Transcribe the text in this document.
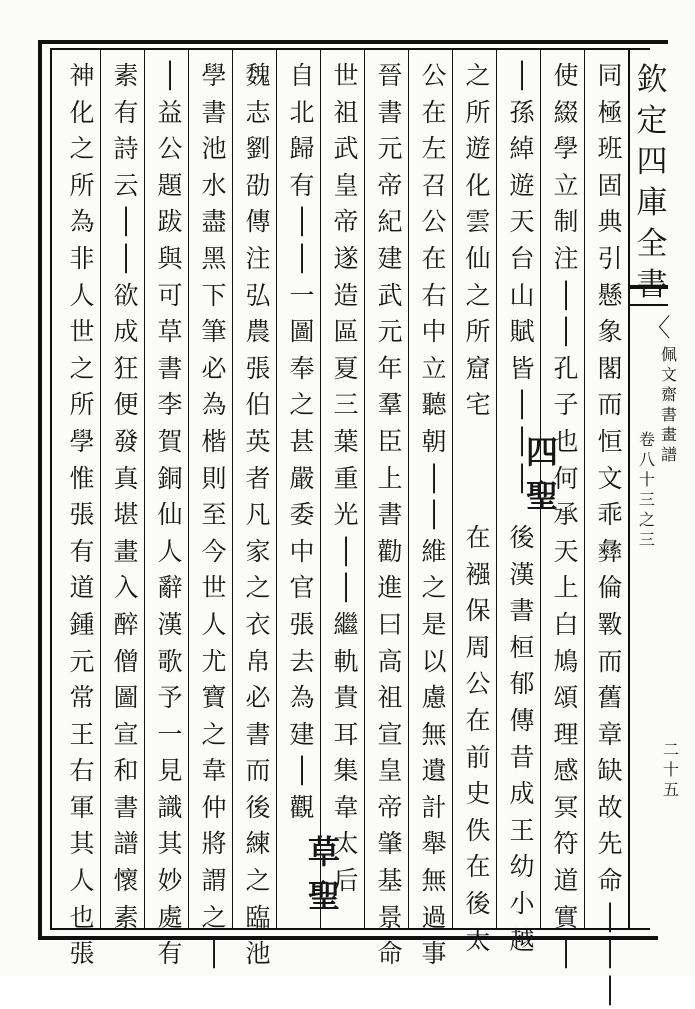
欽
定
四
庫
全
書
〈
佩
文
齋
書
畫
譜
卷
八
十
三
之
三
二
十
五
同
極
班
固
典
引
懸
象
閣
而
恒
文
乖
彝
倫
斁
而
舊
章
缺
故
先
命
│
│
│
使
綴
學
立
制
注
│
│
孔
子
也
何
承
天
上
白
鳩
頌
理
感
冥
符
道
實
│
│
孫
綽
遊
天
台
山
賦
皆
│
│
│
之
所
遊
化
雲
仙
之
所
窟
宅
四
聖
後
漢
書
桓
郁
傳
昔
成
王
幼
小
越
在
襁
保
周
公
在
前
史
佚
在
後
太
公
在
左
召
公
在
右
中
立
聽
朝
│
│
維
之
是
以
慮
無
遺
計
舉
無
過
事
晉
書
元
帝
紀
建
武
元
年
羣
臣
上
書
勸
進
曰
高
祖
宣
皇
帝
肇
基
景
命
世
祖
武
皇
帝
遂
造
區
夏
三
葉
重
光
│
│
繼
軌
貴
耳
集
韋
太
后
自
北
歸
有
│
│
一
圖
奉
之
甚
嚴
委
中
官
張
去
為
建
│
觀
草
聖
魏
志
劉
劭
傳
注
弘
農
張
伯
英
者
凡
家
之
衣
帛
必
書
而
後
練
之
臨
池
學
書
池
水
盡
黑
下
筆
必
為
楷
則
至
今
世
人
尤
寶
之
韋
仲
將
謂
之
│
│
益
公
題
跋
與
可
草
書
李
賀
銅
仙
人
辭
漢
歌
予
一
見
識
其
妙
處
有
素
有
詩
云
│
│
欲
成
狂
便
發
真
堪
畫
入
醉
僧
圖
宣
和
書
譜
懷
素
神
化
之
所
為
非
人
世
之
所
學
惟
張
有
道
鍾
元
常
王
右
軍
其
人
也
張
